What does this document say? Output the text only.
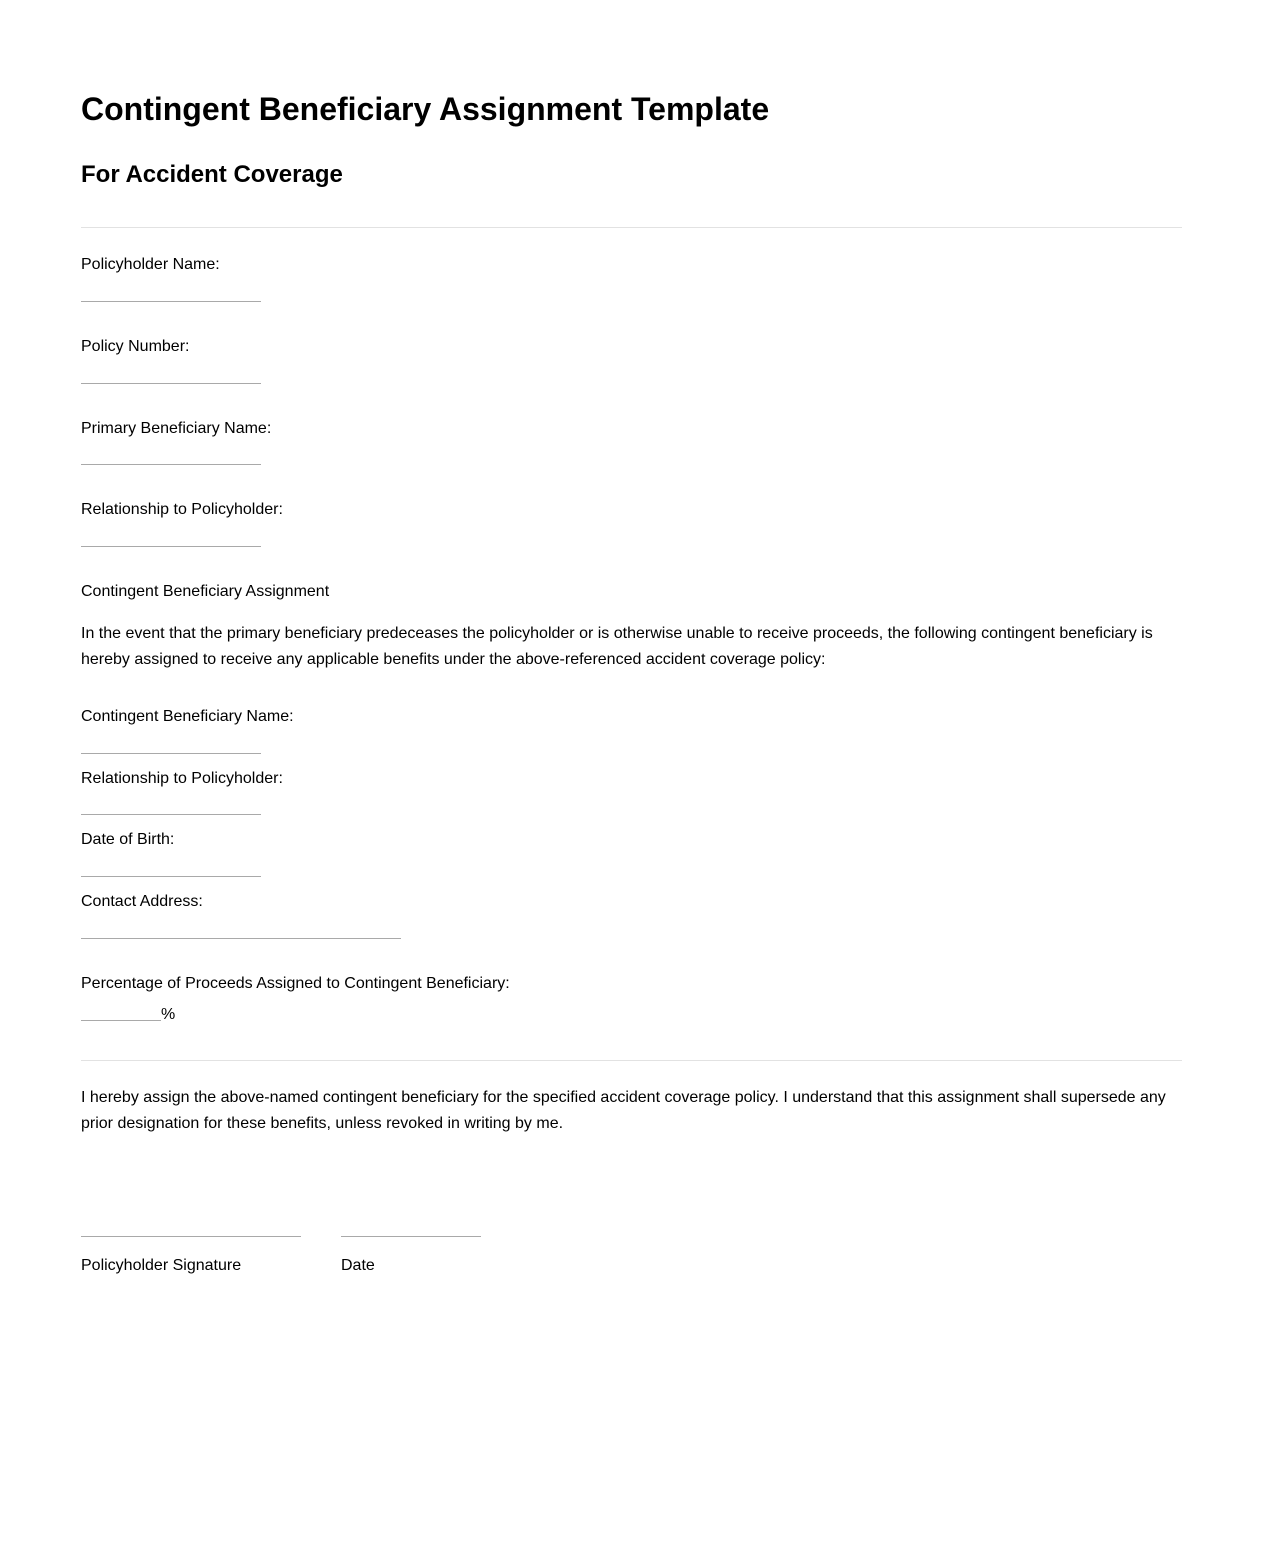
Contingent Beneficiary Assignment Template
For Accident Coverage
Policyholder Name:
Policy Number:
Primary Beneficiary Name:
Relationship to Policyholder:
Contingent Beneficiary Assignment
In the event that the primary beneficiary predeceases the policyholder or is otherwise unable to receive proceeds, the following contingent beneficiary is hereby assigned to receive any applicable benefits under the above-referenced accident coverage policy:
Contingent Beneficiary Name:
Relationship to Policyholder:
Date of Birth:
Contact Address:
Percentage of Proceeds Assigned to Contingent Beneficiary:
%
I hereby assign the above-named contingent beneficiary for the specified accident coverage policy. I understand that this assignment shall supersede any prior designation for these benefits, unless revoked in writing by me.
Policyholder Signature	Date
